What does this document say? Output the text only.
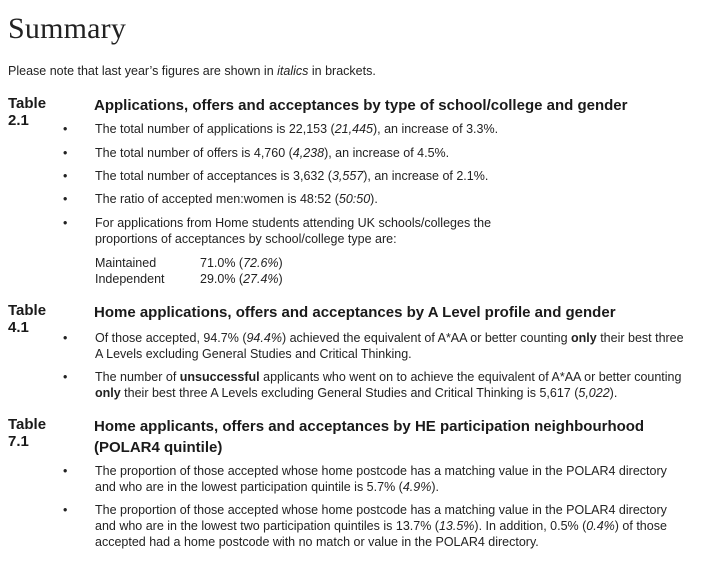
Summary
Please note that last year’s figures are shown in italics in brackets.
Table 2.1
Applications, offers and acceptances by type of school/college and gender
• The total number of applications is 22,153 (21,445), an increase of 3.3%.
• The total number of offers is 4,760 (4,238), an increase of 4.5%.
• The total number of acceptances is 3,632 (3,557), an increase of 2.1%.
• The ratio of accepted men:women is 48:52 (50:50).
• For applications from Home students attending UK schools/colleges the
proportions of acceptances by school/college type are:
Maintained	71.0% (72.6%)
Independent	29.0% (27.4%)
Table 4.1
Home applications, offers and acceptances by A Level profile and gender
• Of those accepted, 94.7% (94.4%) achieved the equivalent of A*AA or better counting only their best three
A Levels excluding General Studies and Critical Thinking.
• The number of unsuccessful applicants who went on to achieve the equivalent of A*AA or better counting
only their best three A Levels excluding General Studies and Critical Thinking is 5,617 (5,022).
Table 7.1
Home applicants, offers and acceptances by HE participation neighbourhood
(POLAR4 quintile)
• The proportion of those accepted whose home postcode has a matching value in the POLAR4 directory
and who are in the lowest participation quintile is 5.7% (4.9%).
• The proportion of those accepted whose home postcode has a matching value in the POLAR4 directory
and who are in the lowest two participation quintiles is 13.7% (13.5%). In addition, 0.5% (0.4%) of those
accepted had a home postcode with no match or value in the POLAR4 directory.
